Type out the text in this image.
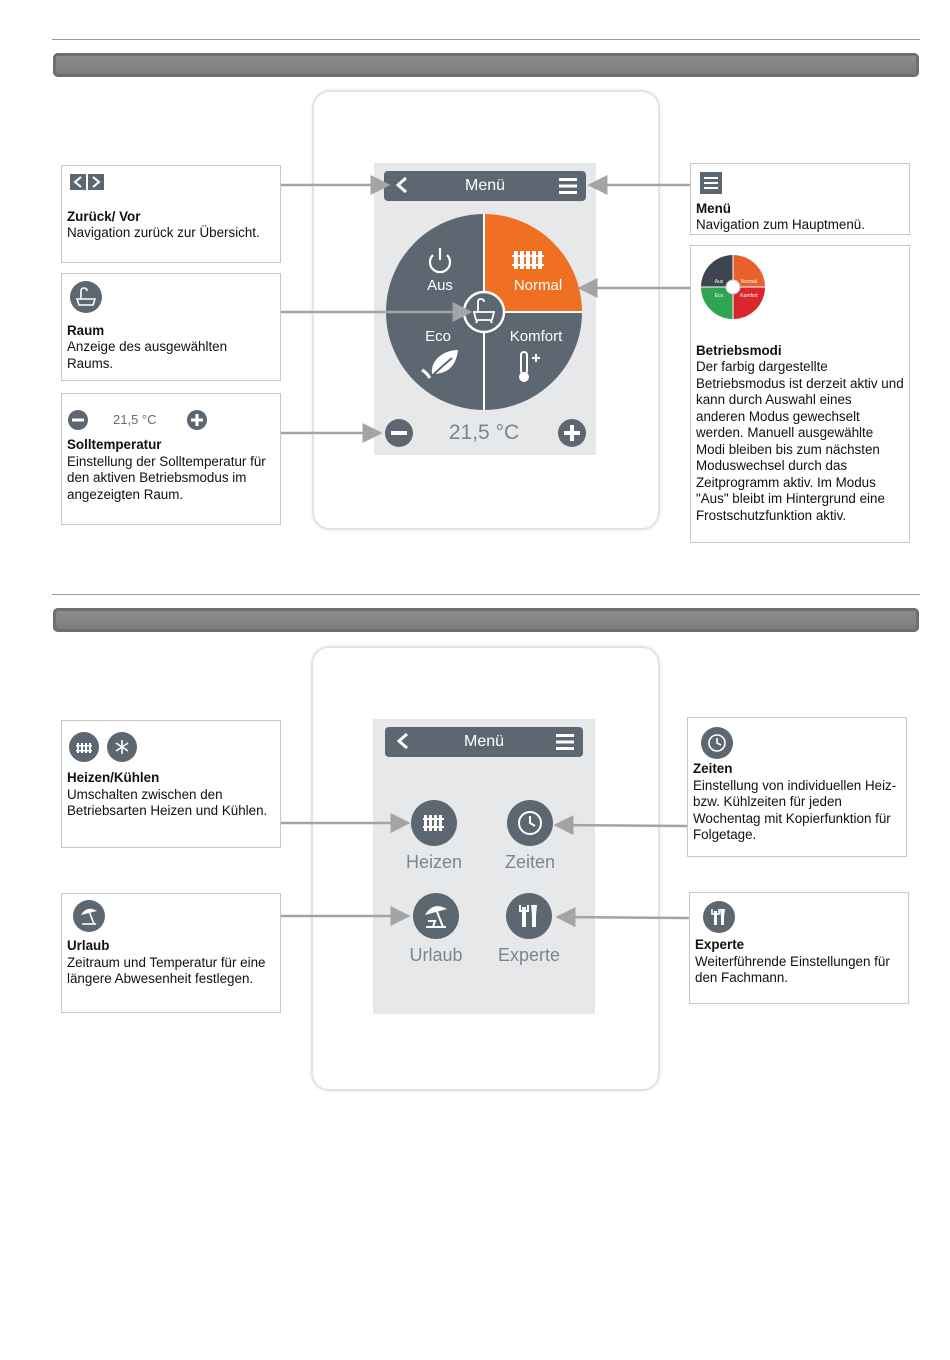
Menü
Aus	Normal
Eco	Komfort
21,5 °C
Zurück/ Vor
Navigation zurück zur Übersicht.
Raum
Anzeige des ausgewählten Raums.
21,5 °C
Solltemperatur
Einstellung der Solltemperatur für den aktiven Betriebsmodus im angezeigten Raum.
Menü
Navigation zum Hauptmenü.
Aus	Normal
Eco	Komfort
Betriebsmodi
Der farbig dargestellte Betriebsmodus ist derzeit aktiv und kann durch Auswahl eines anderen Modus gewechselt werden. Manuell ausgewählte Modi bleiben bis zum nächsten Moduswechsel durch das Zeitprogramm aktiv. Im Modus "Aus" bleibt im Hintergrund eine Frostschutzfunktion aktiv.
Menü
Heizen	Zeiten
Urlaub	Experte
Heizen/Kühlen
Umschalten zwischen den Betriebsarten Heizen und Kühlen.
Urlaub
Zeitraum und Temperatur für eine längere Abwesenheit festlegen.
Zeiten
Einstellung von individuellen Heiz- bzw. Kühlzeiten für jeden Wochentag mit Kopierfunktion für Folgetage.
Experte
Weiterführende Einstellungen für den Fachmann.
